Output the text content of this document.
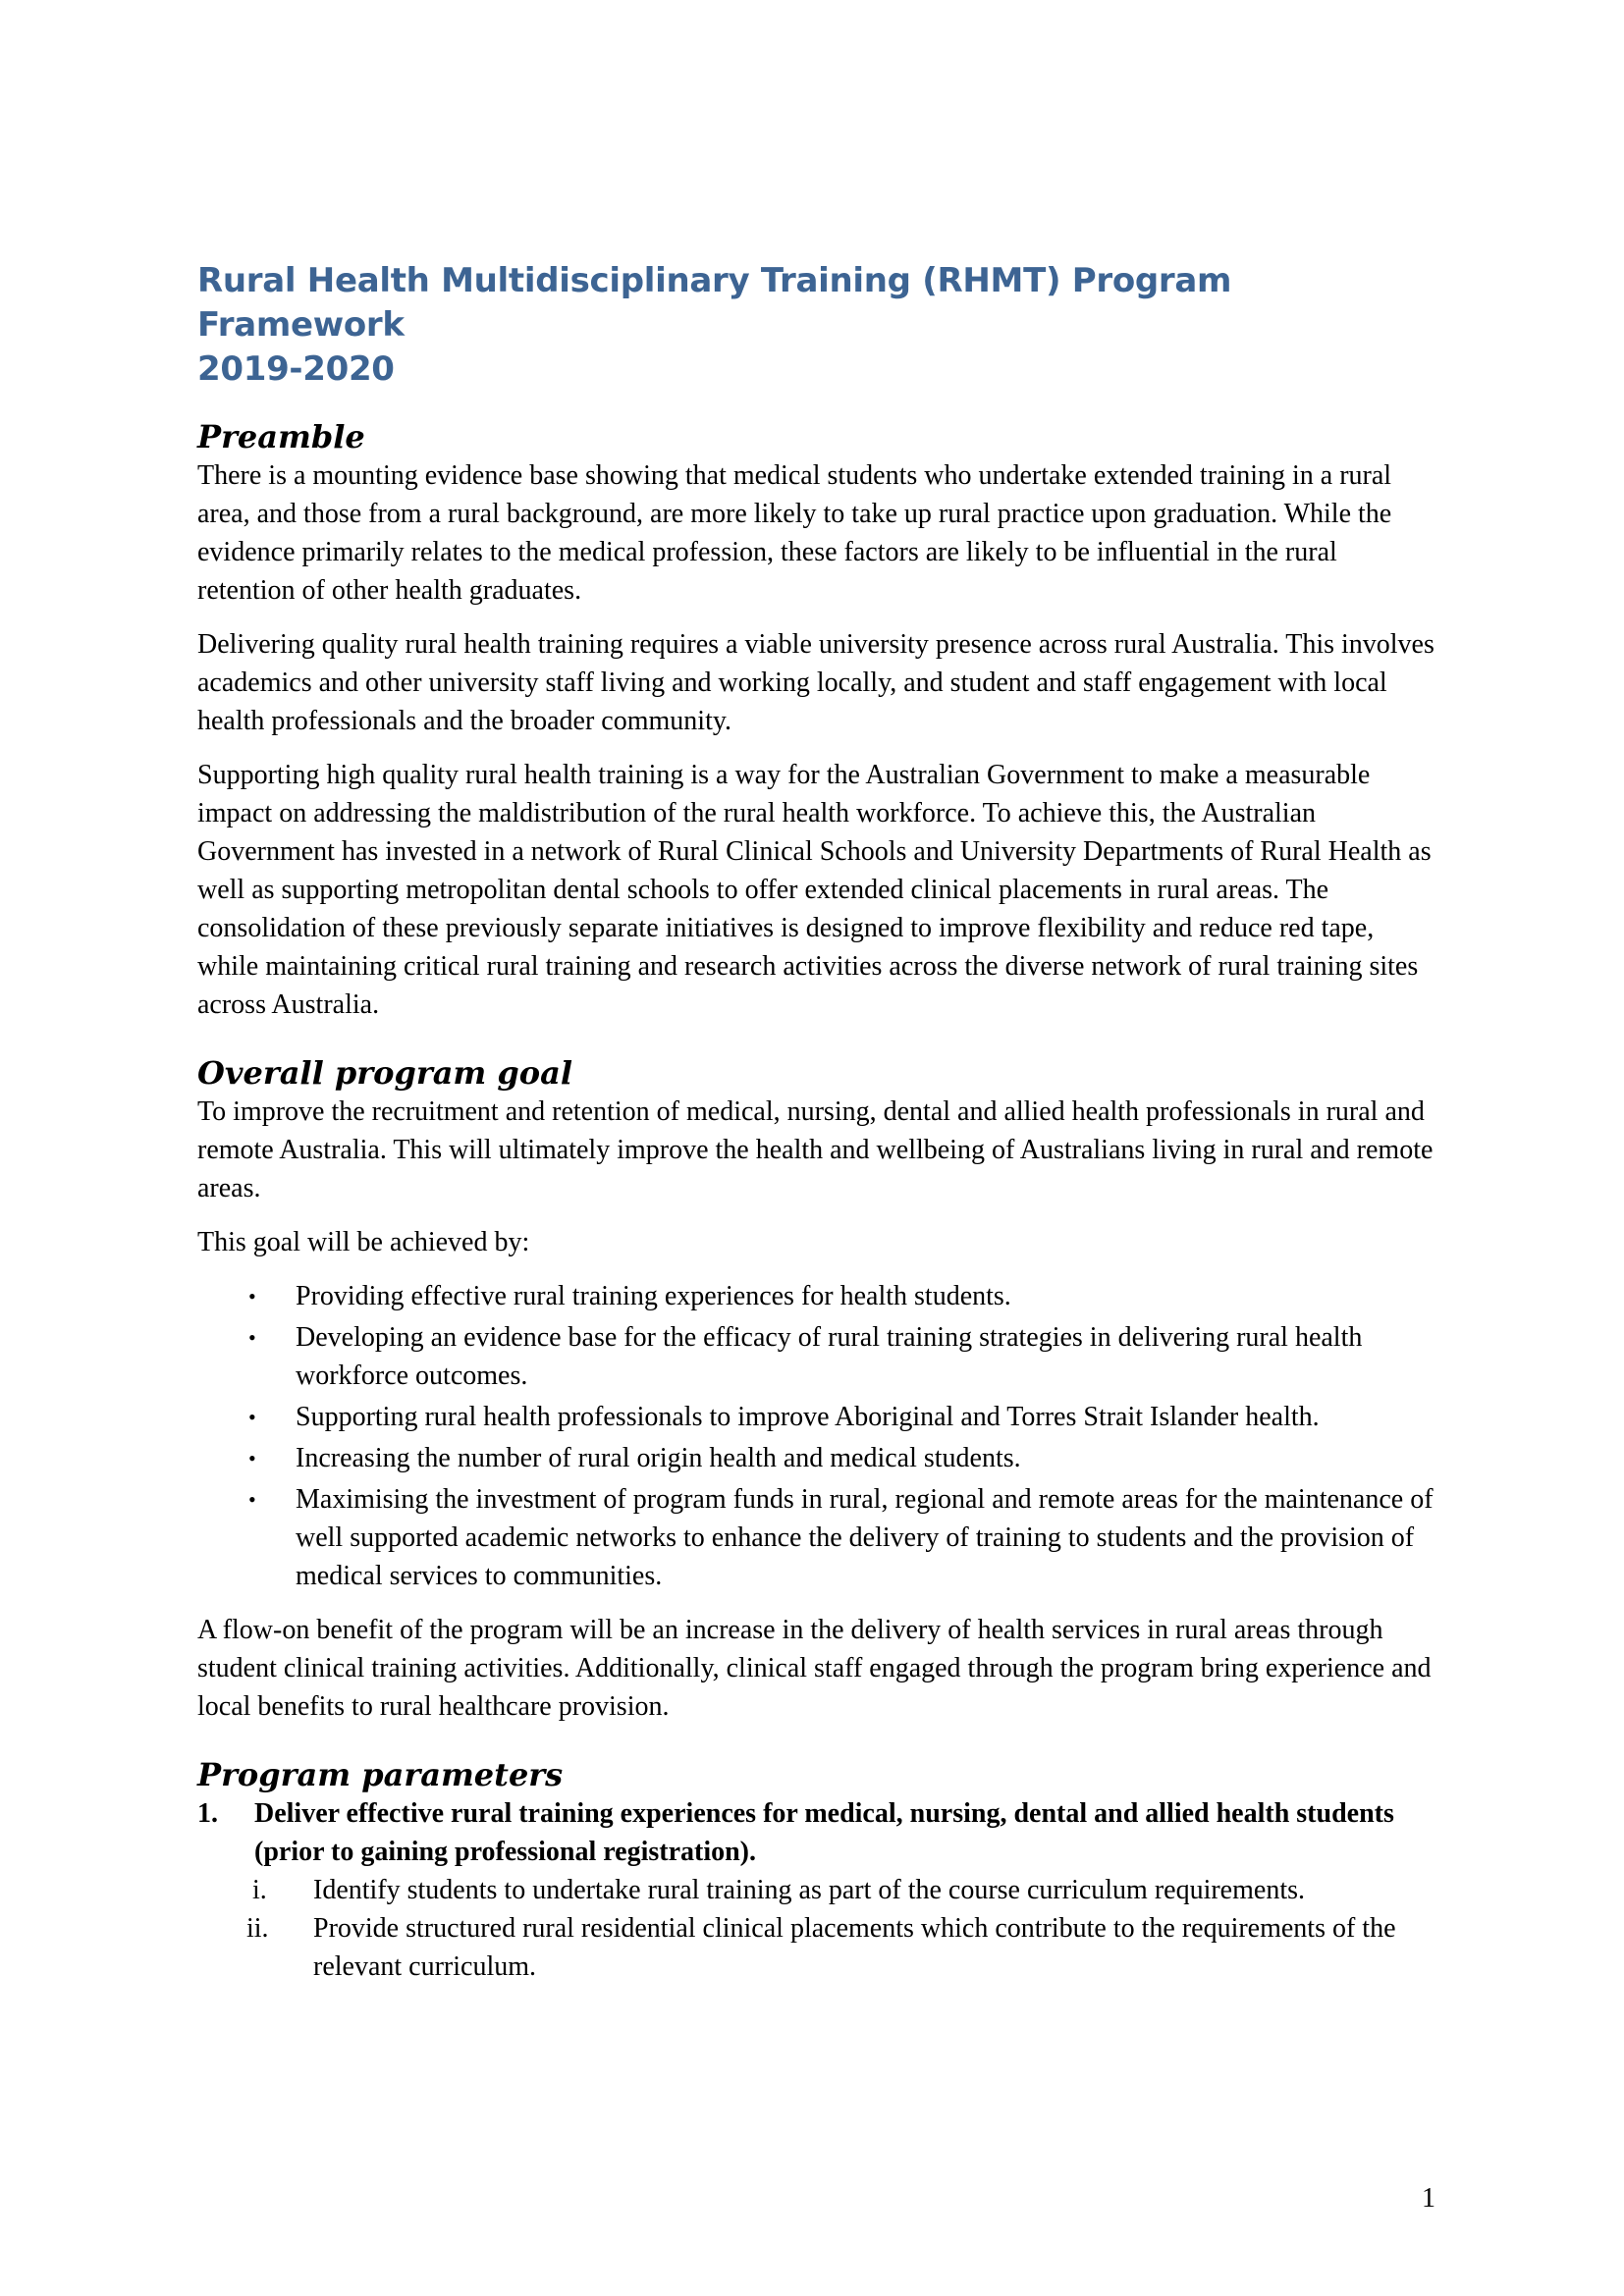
Rural Health Multidisciplinary Training (RHMT) Program Framework
2019-2020
Preamble

There is a mounting evidence base showing that medical students who undertake extended training in a rural area, and those from a rural background, are more likely to take up rural practice upon graduation. While the evidence primarily relates to the medical profession, these factors are likely to be influential in the rural retention of other health graduates.

Delivering quality rural health training requires a viable university presence across rural Australia. This involves academics and other university staff living and working locally, and student and staff engagement with local health professionals and the broader community.

Supporting high quality rural health training is a way for the Australian Government to make a measurable impact on addressing the maldistribution of the rural health workforce. To achieve this, the Australian Government has invested in a network of Rural Clinical Schools and University Departments of Rural Health as well as supporting metropolitan dental schools to offer extended clinical placements in rural areas. The consolidation of these previously separate initiatives is designed to improve flexibility and reduce red tape, while maintaining critical rural training and research activities across the diverse network of rural training sites across Australia.

Overall program goal

To improve the recruitment and retention of medical, nursing, dental and allied health professionals in rural and remote Australia. This will ultimately improve the health and wellbeing of Australians living in rural and remote areas.

This goal will be achieved by:

• Providing effective rural training experiences for health students.
• Developing an evidence base for the efficacy of rural training strategies in delivering rural health workforce outcomes.
• Supporting rural health professionals to improve Aboriginal and Torres Strait Islander health.
• Increasing the number of rural origin health and medical students.
• Maximising the investment of program funds in rural, regional and remote areas for the maintenance of well supported academic networks to enhance the delivery of training to students and the provision of medical services to communities.

A flow-on benefit of the program will be an increase in the delivery of health services in rural areas through student clinical training activities. Additionally, clinical staff engaged through the program bring experience and local benefits to rural healthcare provision.

Program parameters
1. Deliver effective rural training experiences for medical, nursing, dental and allied health students (prior to gaining professional registration).
i. Identify students to undertake rural training as part of the course curriculum requirements.
ii. Provide structured rural residential clinical placements which contribute to the requirements of the relevant curriculum.
1
